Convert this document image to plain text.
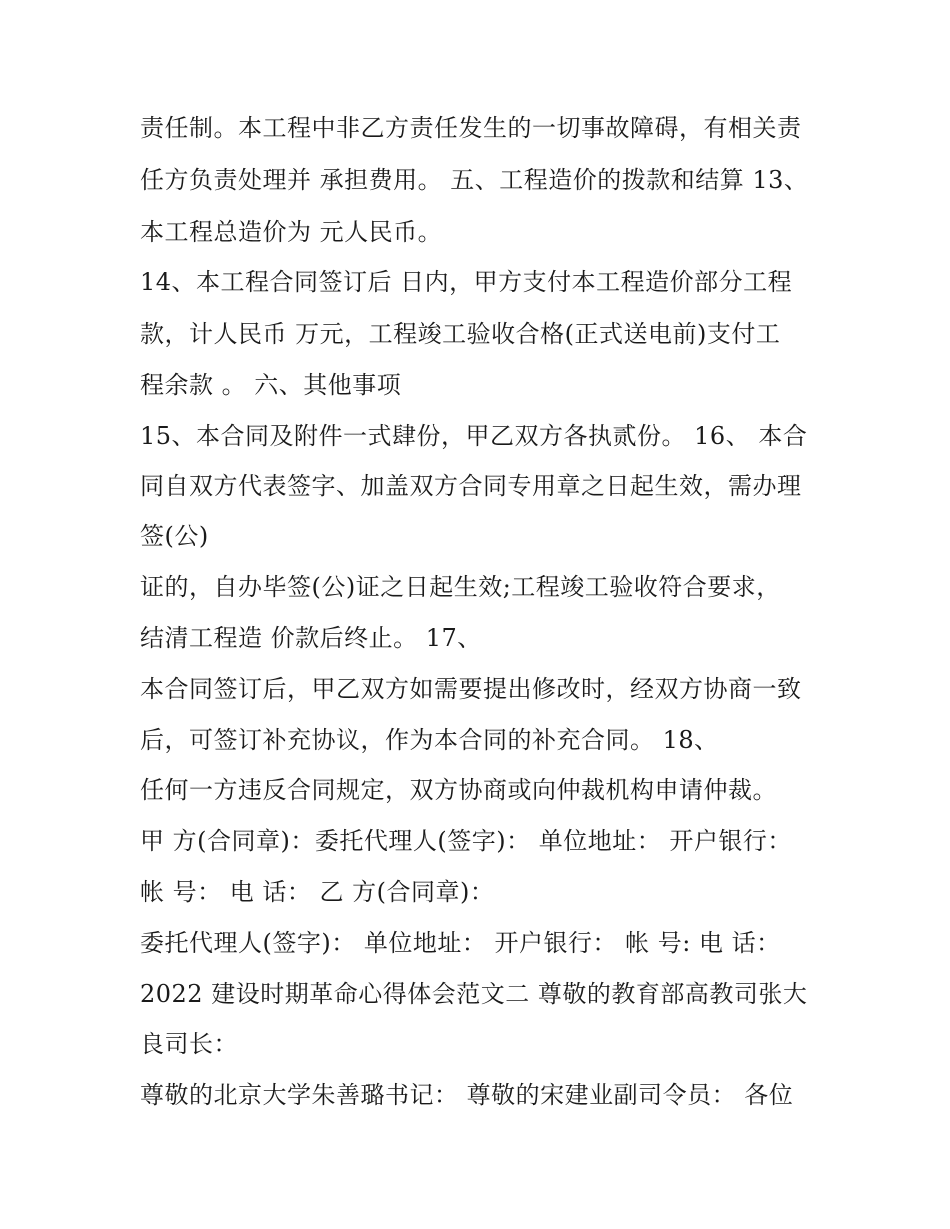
责任制。本工程中非乙方责任发生的一切事故障碍，有相关责
任方负责处理并 承担费用。 五、工程造价的拨款和结算 13、
本工程总造价为 元人民币。
14、本工程合同签订后 日内，甲方支付本工程造价部分工程
款，计人民币 万元，工程竣工验收合格(正式送电前)支付工
程余款 。 六、其他事项
15、本合同及附件一式肆份，甲乙双方各执贰份。 16、 本合
同自双方代表签字、加盖双方合同专用章之日起生效，需办理
签(公)
证的，自办毕签(公)证之日起生效;工程竣工验收符合要求，
结清工程造 价款后终止。 17、
本合同签订后，甲乙双方如需要提出修改时，经双方协商一致
后，可签订补充协议，作为本合同的补充合同。 18、
任何一方违反合同规定，双方协商或向仲裁机构申请仲裁。
甲 方(合同章)：委托代理人(签字)： 单位地址： 开户银行：
帐 号： 电 话： 乙 方(合同章)：
委托代理人(签字)： 单位地址： 开户银行： 帐 号: 电 话：
2022 建设时期革命心得体会范文二 尊敬的教育部高教司张大
良司长：
尊敬的北京大学朱善璐书记： 尊敬的宋建业副司令员： 各位
